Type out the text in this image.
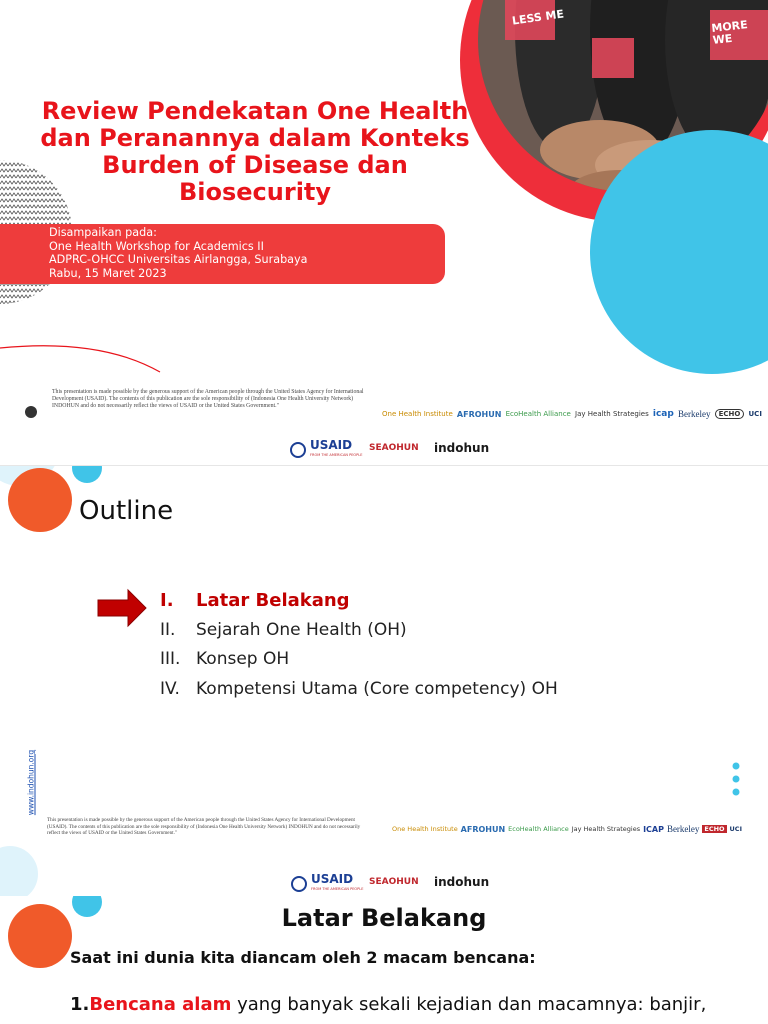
LESS ME	MORE WE
Review Pendekatan One Health
dan Peranannya dalam Konteks
Burden of Disease dan
Biosecurity
Disampaikan pada:
One Health Workshop for Academics II
ADPRC-OHCC Universitas Airlangga, Surabaya
Rabu, 15 Maret 2023
This presentation is made possible by the generous support of the American people through the United States Agency for International Development (USAID). The contents of this publication are the sole responsibility of (Indonesia One Health University Network) INDOHUN and do not necessarily reflect the views of USAID or the United States Government."
One Health Institute AFROHUN EcoHealth Alliance Jay Health Strategies icap Berkeley	ECHO	UCI
USAID
FROM THE AMERICAN PEOPLE
SEAOHUN indohun
Outline
I. Latar Belakang
II. Sejarah One Health (OH)
III. Konsep OH
IV. Kompetensi Utama (Core competency) OH
www.indohun.org
This presentation is made possible by the generous support of the American people through the United States Agency for International Development (USAID). The contents of this publication are the sole responsibility of (Indonesia One Health University Network) INDOHUN and do not necessarily reflect the views of USAID or the United States Government."	One Health Institute AFROHUN EcoHealth Alliance Jay Health Strategies ICAP Berkeley ECHO UCI
USAID
FROM THE AMERICAN PEOPLE
SEAOHUN indohun
Latar Belakang
Saat ini dunia kita diancam oleh 2 macam bencana:
1.Bencana alam yang banyak sekali kejadian dan macamnya: banjir,
